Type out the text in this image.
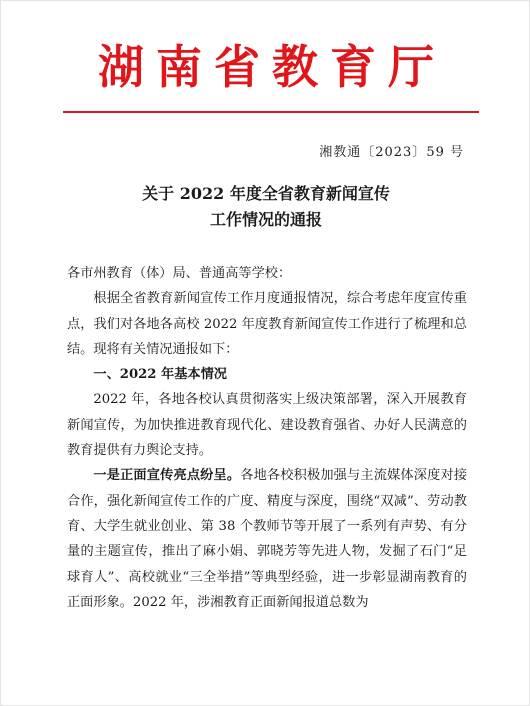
湖南省教育厅
湘教通〔2023〕59 号
关于 2022 年度全省教育新闻宣传
工作情况的通报

各市州教育（体）局、普通高等学校：

根据全省教育新闻宣传工作月度通报情况，综合考虑年度宣传重点，我们对各地各高校 2022 年度教育新闻宣传工作进行了梳理和总结。现将有关情况通报如下：

一、2022 年基本情况

2022 年，各地各校认真贯彻落实上级决策部署，深入开展教育新闻宣传，为加快推进教育现代化、建设教育强省、办好人民满意的教育提供有力舆论支持。

一是正面宣传亮点纷呈。各地各校积极加强与主流媒体深度对接合作，强化新闻宣传工作的广度、精度与深度，围绕“双减”、劳动教育、大学生就业创业、第 38 个教师节等开展了一系列有声势、有分量的主题宣传，推出了麻小娟、郭晓芳等先进人物，发掘了石门“足球育人”、高校就业“三全举措”等典型经验，进一步彰显湖南教育的正面形象。2022 年，涉湘教育正面新闻报道总数为
